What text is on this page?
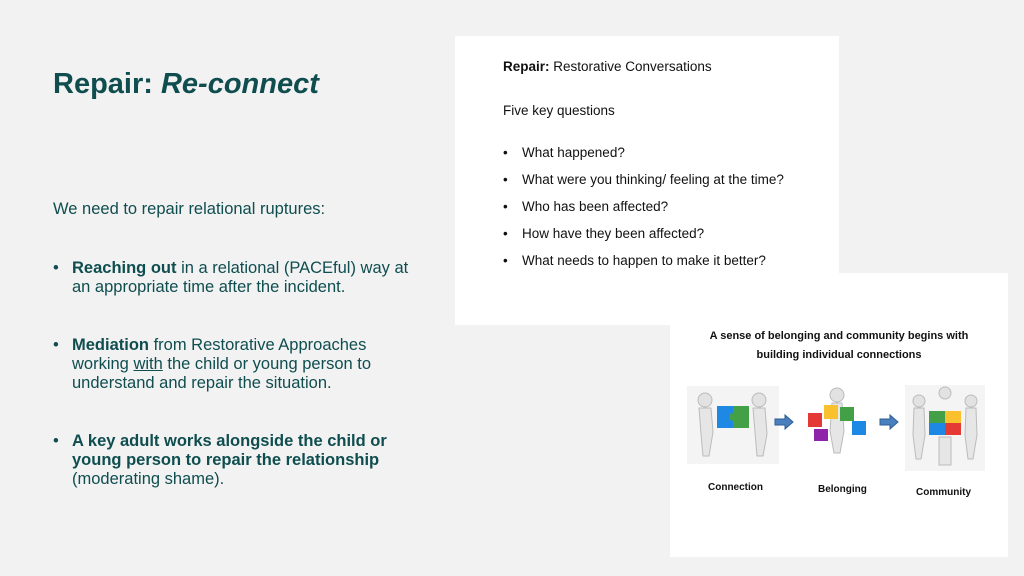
Repair: Re-connect
We need to repair relational ruptures:
• Reaching out in a relational (PACEful) way at an appropriate time after the incident.
• Mediation from Restorative Approaches working with the child or young person to understand and repair the situation.
• A key adult works alongside the child or young person to repair the relationship (moderating shame).
Repair: Restorative Conversations
Five key questions
• What happened?
• What were you thinking/ feeling at the time?
• Who has been affected?
• How have they been affected?
• What needs to happen to make it better?
A sense of belonging and community begins with
building individual connections
Connection	Belonging	Community
